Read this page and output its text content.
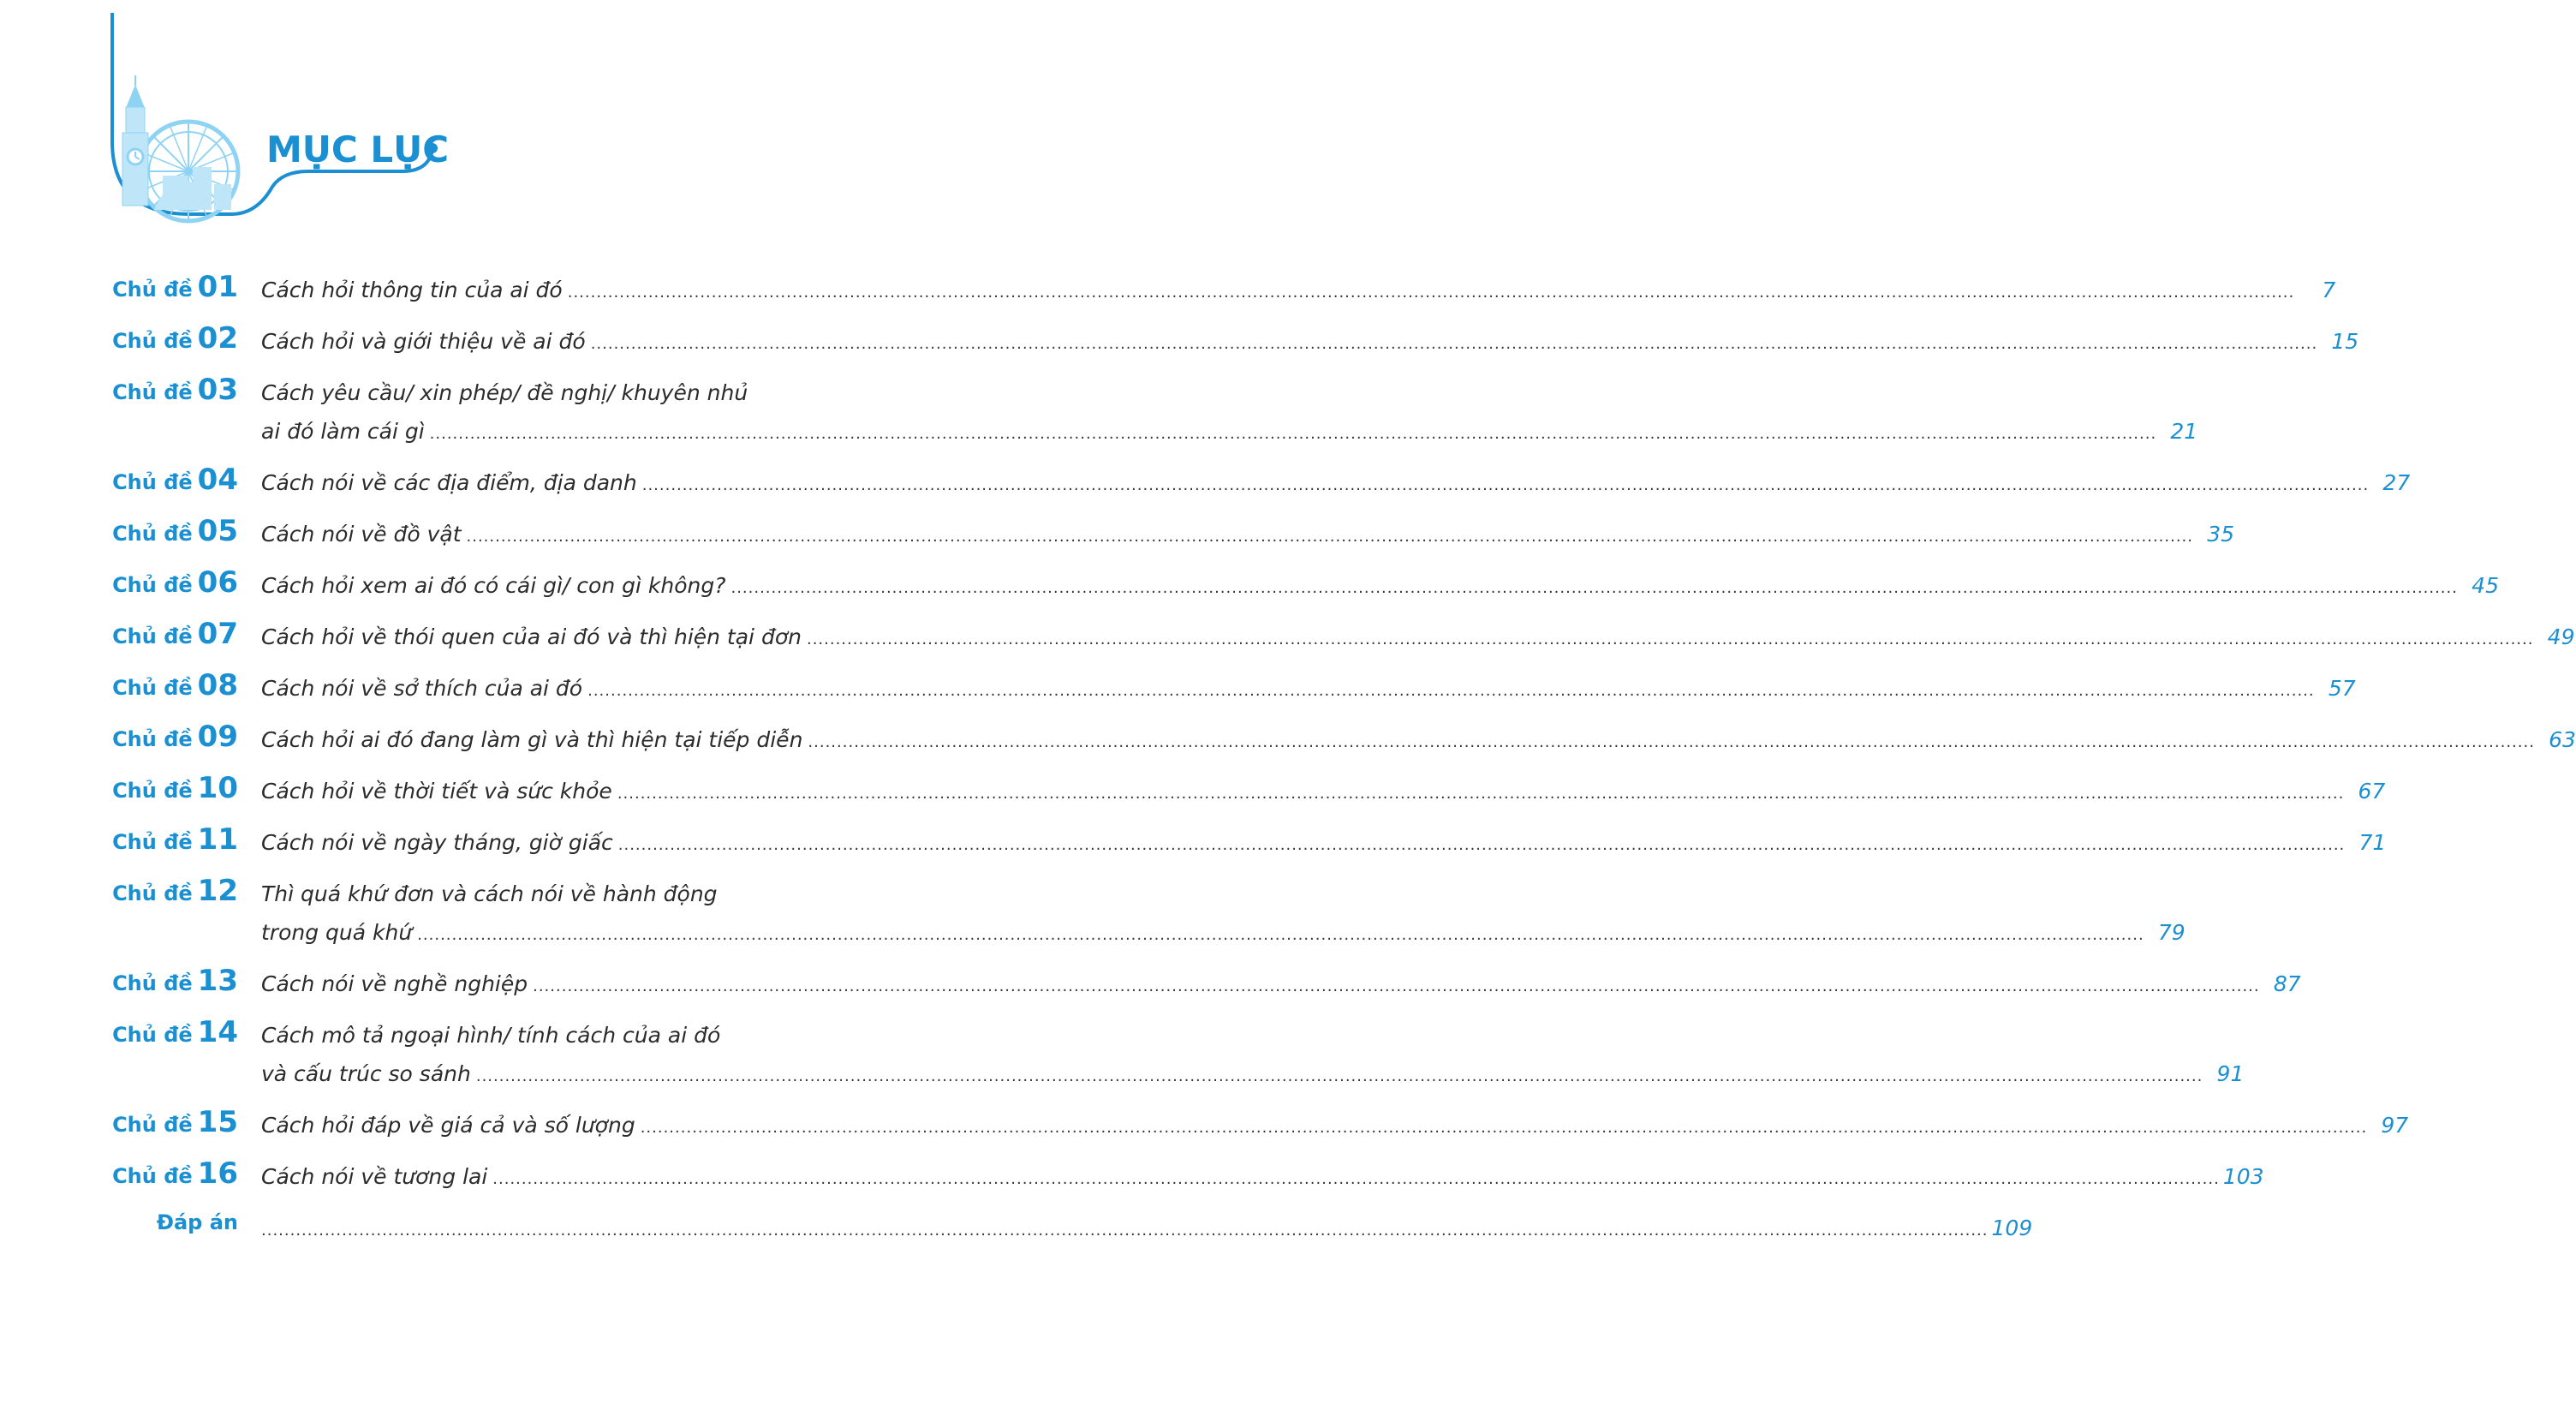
MỤC LỤC
Chủ đề 01 Cách hỏi thông tin của ai đó ............................................................................................................................................................................................................................................................................................................	7
Chủ đề 02 Cách hỏi và giới thiệu về ai đó ............................................................................................................................................................................................................................................................................................................ 15
Chủ đề 03 Cách yêu cầu/ xin phép/ đề nghị/ khuyên nhủ
ai đó làm cái gì ............................................................................................................................................................................................................................................................................................................ 21
Chủ đề 04 Cách nói về các địa điểm, địa danh ............................................................................................................................................................................................................................................................................................................ 27
Chủ đề 05 Cách nói về đồ vật ............................................................................................................................................................................................................................................................................................................ 35
Chủ đề 06 Cách hỏi xem ai đó có cái gì/ con gì không? ............................................................................................................................................................................................................................................................................................................ 45
Chủ đề 07 Cách hỏi về thói quen của ai đó và thì hiện tại đơn ............................................................................................................................................................................................................................................................................................................ 49
Chủ đề 08 Cách nói về sở thích của ai đó ............................................................................................................................................................................................................................................................................................................ 57
Chủ đề 09 Cách hỏi ai đó đang làm gì và thì hiện tại tiếp diễn ............................................................................................................................................................................................................................................................................................................ 63
Chủ đề 10 Cách hỏi về thời tiết và sức khỏe ............................................................................................................................................................................................................................................................................................................ 67
Chủ đề 11 Cách nói về ngày tháng, giờ giấc ............................................................................................................................................................................................................................................................................................................ 71
Chủ đề 12 Thì quá khứ đơn và cách nói về hành động
trong quá khứ ............................................................................................................................................................................................................................................................................................................ 79
Chủ đề 13 Cách nói về nghề nghiệp ............................................................................................................................................................................................................................................................................................................ 87
Chủ đề 14 Cách mô tả ngoại hình/ tính cách của ai đó
và cấu trúc so sánh ............................................................................................................................................................................................................................................................................................................ 91
Chủ đề 15 Cách hỏi đáp về giá cả và số lượng ............................................................................................................................................................................................................................................................................................................ 97
Chủ đề 16 Cách nói về tương lai ............................................................................................................................................................................................................................................................................................................ 103
Đáp án ............................................................................................................................................................................................................................................................................................................ 109
